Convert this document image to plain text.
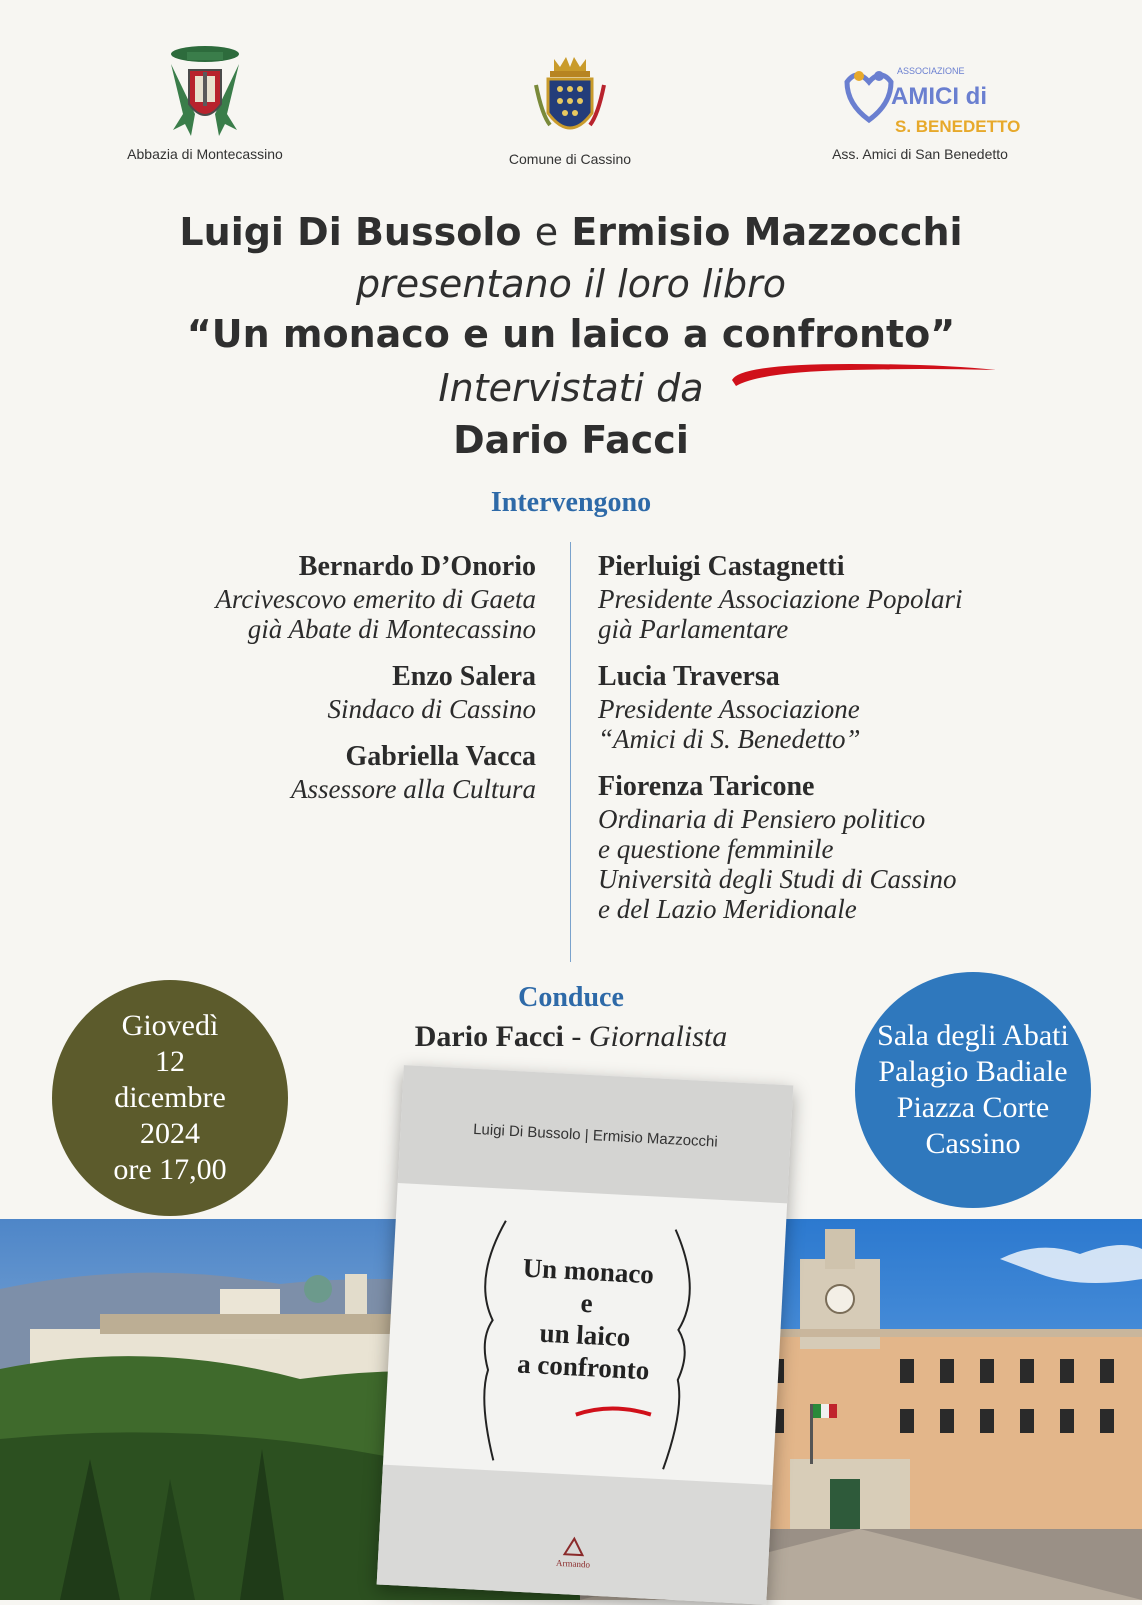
Abbazia di Montecassino	Comune di Cassino
ASSOCIAZIONE
AMICI di
S. BENEDETTO
Ass. Amici di San Benedetto
Luigi Di Bussolo e Ermisio Mazzocchi
presentano il loro libro
“Un monaco e un laico a confronto”
Intervistati da
Dario Facci
Intervengono
Bernardo D’Onorio
Arcivescovo emerito di Gaeta
già Abate di Montecassino
Enzo Salera
Sindaco di Cassino
Gabriella Vacca
Assessore alla Cultura
Pierluigi Castagnetti
Presidente Associazione Popolari
già Parlamentare
Lucia Traversa
Presidente Associazione
“Amici di S. Benedetto”
Fiorenza Taricone
Ordinaria di Pensiero politico
e questione femminile
Università degli Studi di Cassino
e del Lazio Meridionale
Conduce
Dario Facci - Giornalista
Giovedì
12
dicembre
2024
ore 17,00
Sala degli Abati
Palagio Badiale
Piazza Corte
Cassino
Luigi Di Bussolo | Ermisio Mazzocchi
Un monaco
e
un laico
a confronto
Armando
